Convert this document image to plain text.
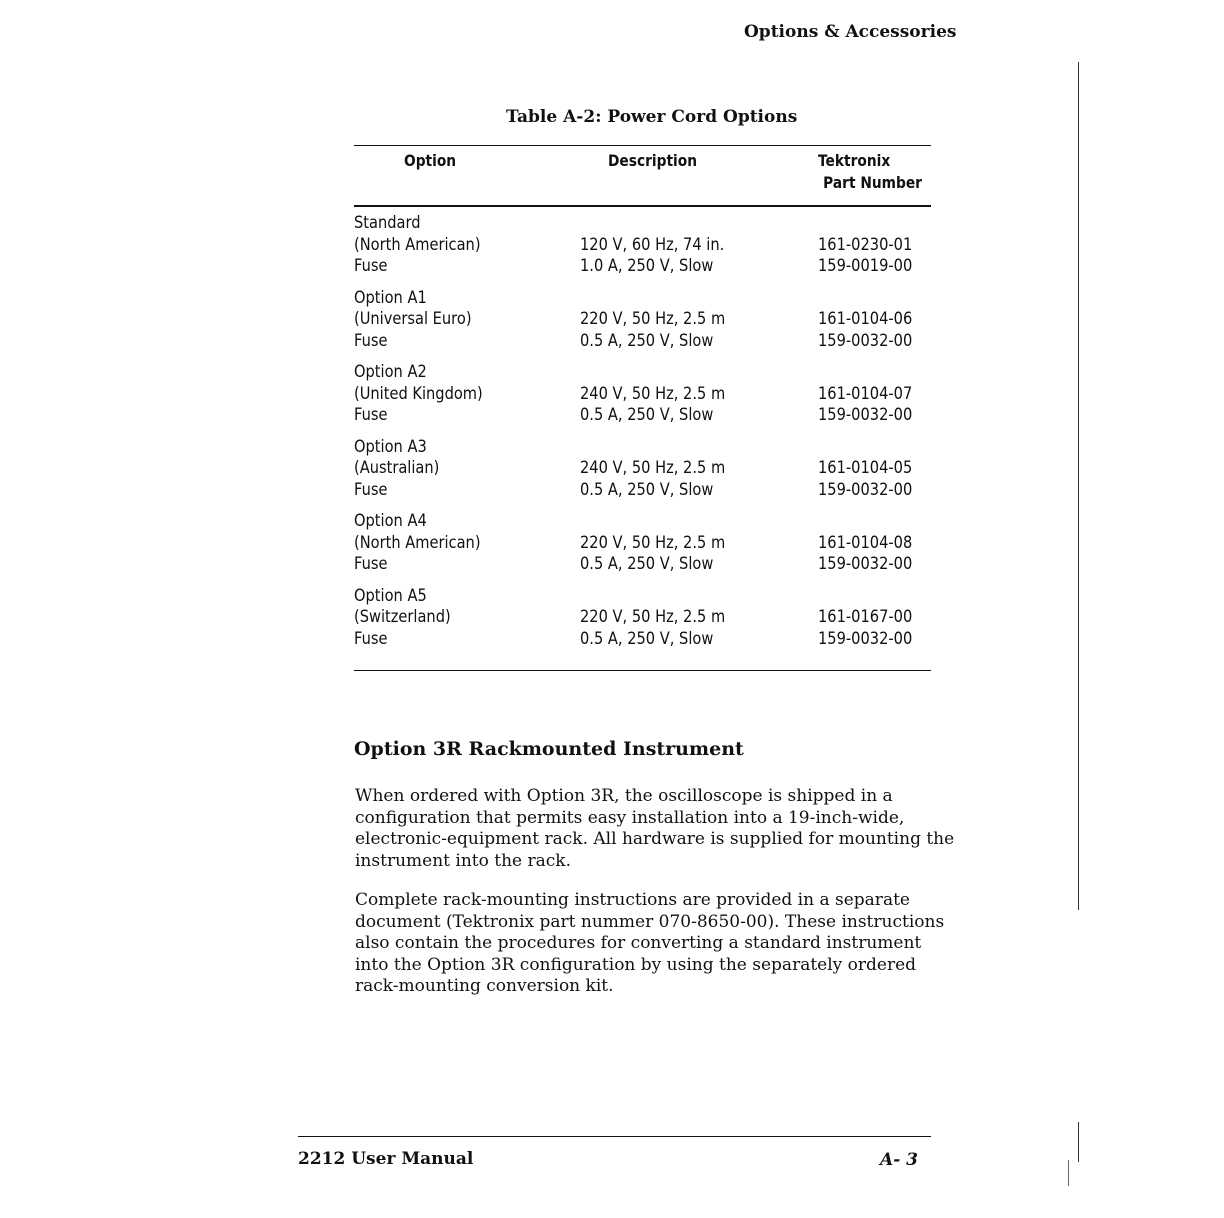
Options & Accessories
Table A-2: Power Cord Options
Option	Description	Tektronix
Part Number
Standard
(North American)	120 V, 60 Hz, 74 in.	161-0230-01
Fuse	1.0 A, 250 V, Slow	159-0019-00
Option A1
(Universal Euro)	220 V, 50 Hz, 2.5 m	161-0104-06
Fuse	0.5 A, 250 V, Slow	159-0032-00
Option A2
(United Kingdom)	240 V, 50 Hz, 2.5 m	161-0104-07
Fuse	0.5 A, 250 V, Slow	159-0032-00
Option A3
(Australian)	240 V, 50 Hz, 2.5 m	161-0104-05
Fuse	0.5 A, 250 V, Slow	159-0032-00
Option A4
(North American)	220 V, 50 Hz, 2.5 m	161-0104-08
Fuse	0.5 A, 250 V, Slow	159-0032-00
Option A5
(Switzerland)	220 V, 50 Hz, 2.5 m	161-0167-00
Fuse	0.5 A, 250 V, Slow	159-0032-00
Option 3R Rackmounted Instrument

When ordered with Option 3R, the oscilloscope is shipped in a configuration that permits easy installation into a 19-inch-wide, electronic-equipment rack. All hardware is supplied for mounting the instrument into the rack.

Complete rack-mounting instructions are provided in a separate document (Tektronix part nummer 070-8650-00). These instructions also contain the procedures for converting a standard instrument into the Option 3R configuration by using the separately ordered rack-mounting conversion kit.

2212 User Manual	A- 3
